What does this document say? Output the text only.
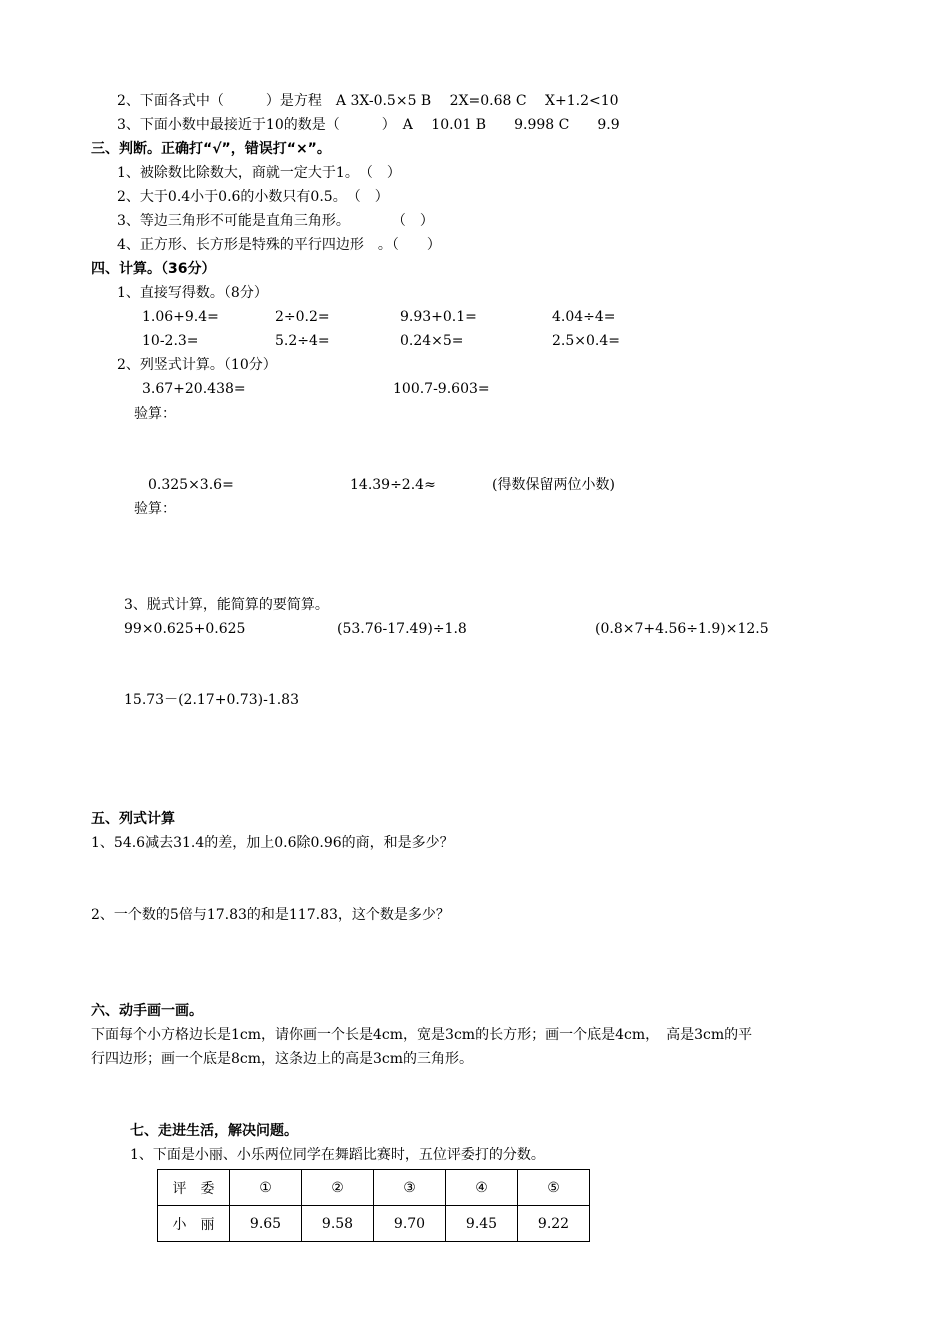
2、下面各式中（　　　）是方程　A 3X-0.5×5 B　 2X=0.68 C　 X+1.2<10
3、下面小数中最接近于10的数是（　　　）　A　 10.01 B　　9.998 C　　9.9
三、判断。正确打“√”，错误打“×”。
1、被除数比除数大，商就一定大于1。　（　）
2、大于0.4小于0.6的小数只有0.5。　（　）
3、等边三角形不可能是直角三角形。　　　　（　）
4、正方形、长方形是特殊的平行四边形　。（　　）
四、计算。（36分）
1、直接写得数。（8分）
1.06+9.4=	2÷0.2=	9.93+0.1=	4.04÷4=
10-2.3=	5.2÷4=	0.24×5=	2.5×0.4=
2、列竖式计算。（10分）
3.67+20.438=	100.7-9.603=
验算：
0.325×3.6=	14.39÷2.4≈	(得数保留两位小数)
验算：
3、脱式计算，能简算的要简算。
99×0.625+0.625	(53.76-17.49)÷1.8	(0.8×7+4.56÷1.9)×12.5
15.73－(2.17+0.73)-1.83
五、列式计算
1、54.6减去31.4的差，加上0.6除0.96的商，和是多少？
2、一个数的5倍与17.83的和是117.83，这个数是多少？
六、动手画一画。
下面每个小方格边长是1cm，请你画一个长是4cm，宽是3cm的长方形；画一个底是4cm，　高是3cm的平
行四边形；画一个底是8cm，这条边上的高是3cm的三角形。
七、走进生活，解决问题。
1、下面是小丽、小乐两位同学在舞蹈比赛时，五位评委打的分数。
评　委	①	②	③	④	⑤
小　丽	9.65	9.58	9.70	9.45	9.22
